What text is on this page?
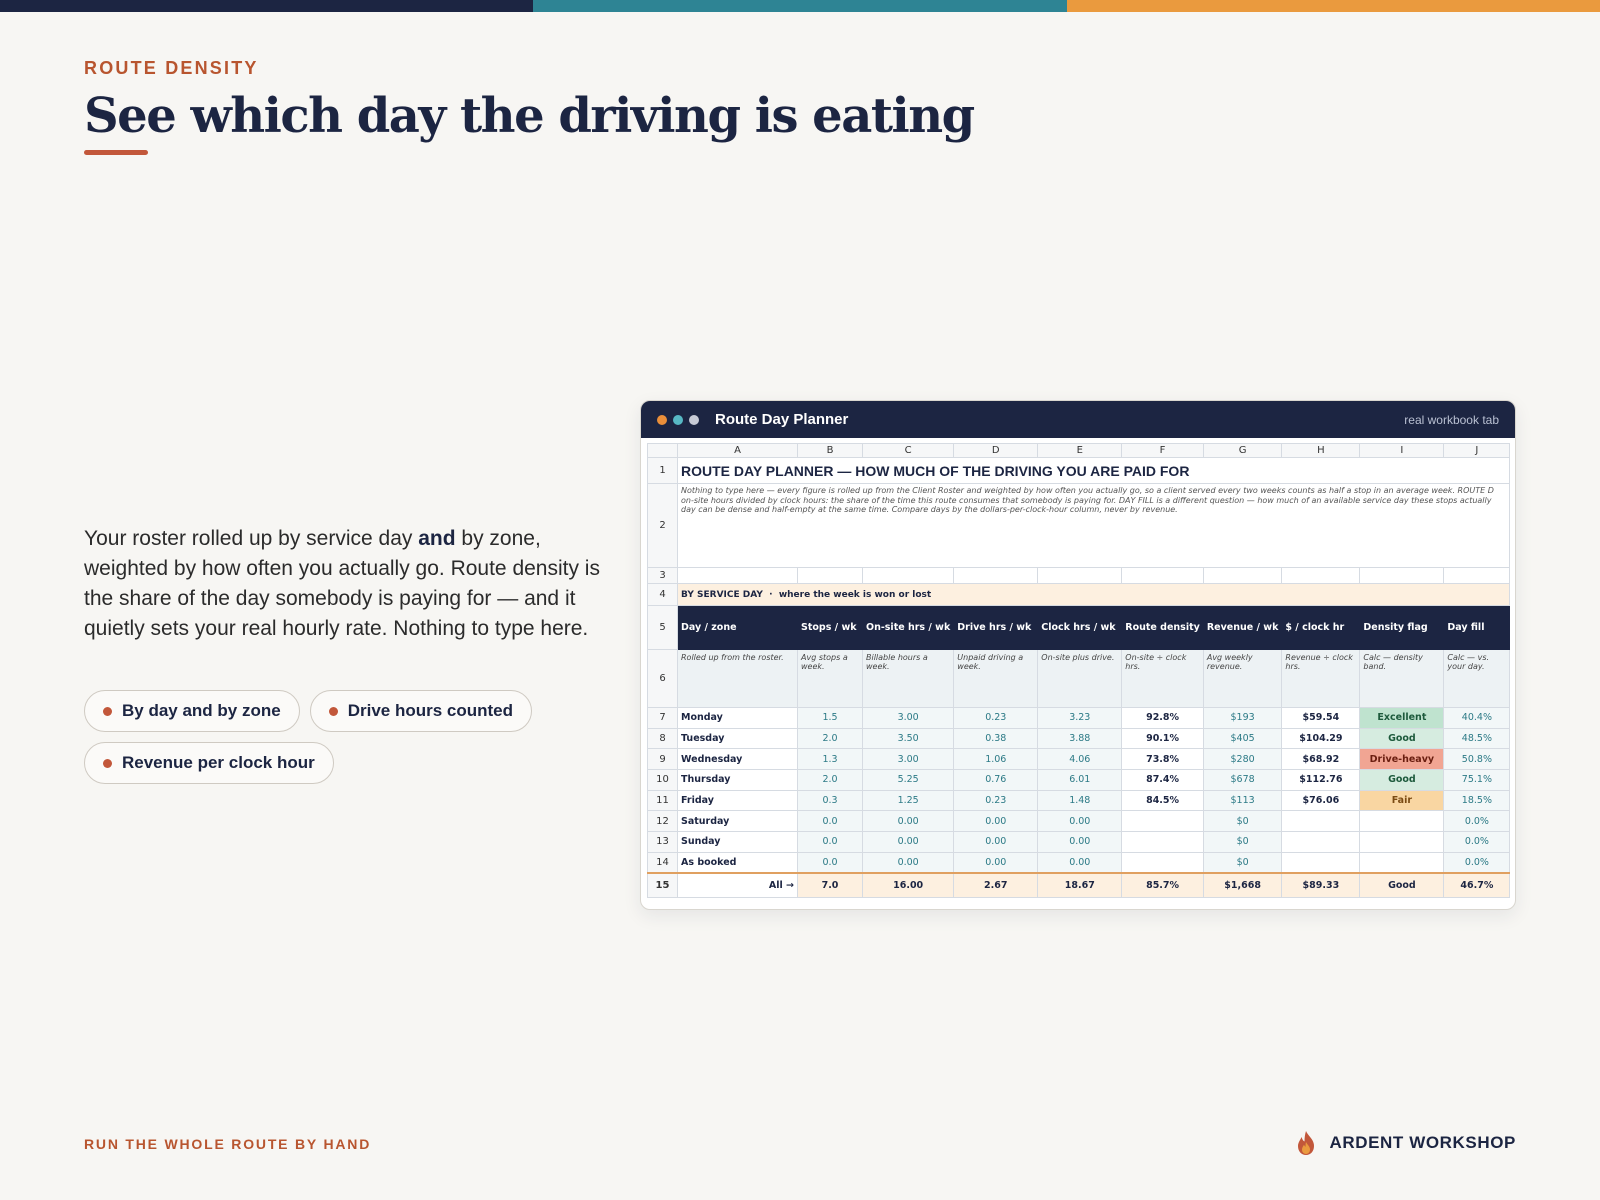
ROUTE DENSITY
See which day the driving is eating

Your roster rolled up by service day and by zone, weighted by how often you actually go. Route density is the share of the day somebody is paying for — and it quietly sets your real hourly rate. Nothing to type here.

By day and by zone	Drive hours counted
Revenue per clock hour
Route Day Planner	real workbook tab
	A	B	C	D	E	F	G	H	I	J
1	ROUTE DAY PLANNER — HOW MUCH OF THE DRIVING YOU ARE PAID FOR									
2	Nothing to type here — every figure is rolled up from the Client Roster and weighted by how often you actually go, so a client served every two weeks counts as half a stop in an average week. ROUTE D on-site hours divided by clock hours: the share of the time this route consumes that somebody is paying for. DAY FILL is a different question — how much of an available service day these stops actually day can be dense and half-empty at the same time. Compare days by the dollars-per-clock-hour column, never by revenue.									
3										
4	BY SERVICE DAY  ·  where the week is won or lost									
5	Day / zone	Stops / wk	On-site hrs / wk	Drive hrs / wk	Clock hrs / wk	Route density	Revenue / wk	$ / clock hr	Density flag	Day fill
6	Rolled up from the roster.	Avg stops a week.	Billable hours a week.	Unpaid driving a week.	On-site plus drive.	On-site ÷ clock hrs.	Avg weekly revenue.	Revenue ÷ clock hrs.	Calc — density band.	Calc — vs. your day.
7	Monday	1.5	3.00	0.23	3.23	92.8%	$193	$59.54	Excellent	40.4%
8	Tuesday	2.0	3.50	0.38	3.88	90.1%	$405	$104.29	Good	48.5%
9	Wednesday	1.3	3.00	1.06	4.06	73.8%	$280	$68.92	Drive-heavy	50.8%
10	Thursday	2.0	5.25	0.76	6.01	87.4%	$678	$112.76	Good	75.1%
11	Friday	0.3	1.25	0.23	1.48	84.5%	$113	$76.06	Fair	18.5%
12	Saturday	0.0	0.00	0.00	0.00		$0			0.0%
13	Sunday	0.0	0.00	0.00	0.00		$0			0.0%
14	As booked	0.0	0.00	0.00	0.00		$0			0.0%
15	All →	7.0	16.00	2.67	18.67	85.7%	$1,668	$89.33	Good	46.7%
RUN THE WHOLE ROUTE BY HAND	ARDENT WORKSHOP
